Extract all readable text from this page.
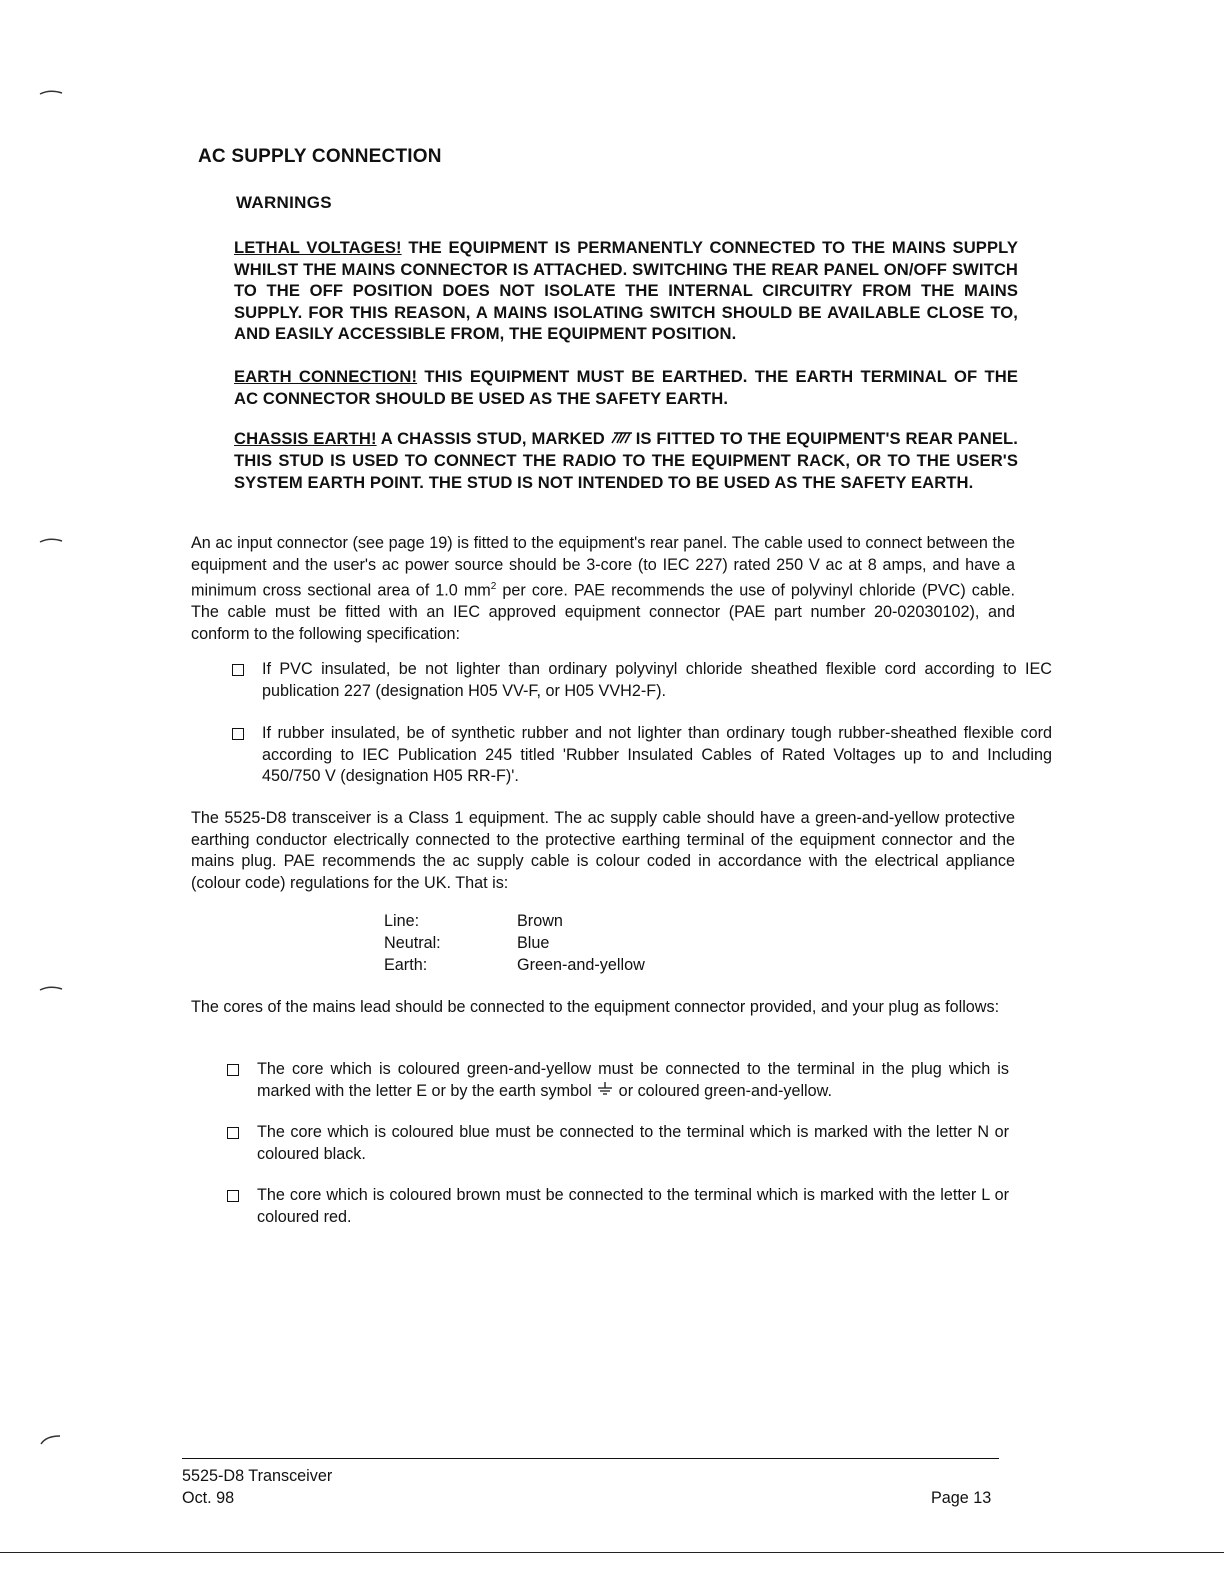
AC SUPPLY CONNECTION
WARNINGS
LETHAL VOLTAGES! THE EQUIPMENT IS PERMANENTLY CONNECTED TO THE MAINS SUPPLY WHILST THE MAINS CONNECTOR IS ATTACHED. SWITCHING THE REAR PANEL ON/OFF SWITCH TO THE OFF POSITION DOES NOT ISOLATE THE INTERNAL CIRCUITRY FROM THE MAINS SUPPLY. FOR THIS REASON, A MAINS ISOLATING SWITCH SHOULD BE AVAILABLE CLOSE TO, AND EASILY ACCESSIBLE FROM, THE EQUIPMENT POSITION.
EARTH CONNECTION! THIS EQUIPMENT MUST BE EARTHED. THE EARTH TERMINAL OF THE AC CONNECTOR SHOULD BE USED AS THE SAFETY EARTH.
CHASSIS EARTH! A CHASSIS STUD, MARKED IS FITTED TO THE EQUIPMENT'S REAR PANEL. THIS STUD IS USED TO CONNECT THE RADIO TO THE EQUIPMENT RACK, OR TO THE USER'S SYSTEM EARTH POINT. THE STUD IS NOT INTENDED TO BE USED AS THE SAFETY EARTH.
An ac input connector (see page 19) is fitted to the equipment's rear panel. The cable used to connect between the equipment and the user's ac power source should be 3-core (to IEC 227) rated 250 V ac at 8 amps, and have a minimum cross sectional area of 1.0 $mm^2$ per core. PAE recommends the use of polyvinyl chloride (PVC) cable. The cable must be fitted with an IEC approved equipment connector (PAE part number 20-02030102), and conform to the following specification:
If PVC insulated, be not lighter than ordinary polyvinyl chloride sheathed flexible cord according to IEC publication 227 (designation H05 VV-F, or H05 VVH2-F).
If rubber insulated, be of synthetic rubber and not lighter than ordinary tough rubber-sheathed flexible cord according to IEC Publication 245 titled 'Rubber Insulated Cables of Rated Voltages up to and Including 450/750 V (designation H05 RR-F)'.
The 5525-D8 transceiver is a Class 1 equipment. The ac supply cable should have a green-and-yellow protective earthing conductor electrically connected to the protective earthing terminal of the equipment connector and the mains plug. PAE recommends the ac supply cable is colour coded in accordance with the electrical appliance (colour code) regulations for the UK. That is:
Line:	Brown
Neutral:	Blue
Earth:	Green-and-yellow
The cores of the mains lead should be connected to the equipment connector provided, and your plug as follows:
The core which is coloured green-and-yellow must be connected to the terminal in the plug which is marked with the letter E or by the earth symbol  or coloured green-and-yellow.
The core which is coloured blue must be connected to the terminal which is marked with the letter N or coloured black.
The core which is coloured brown must be connected to the terminal which is marked with the letter L or coloured red.
5525-D8 Transceiver
Oct. 98	Page 13
